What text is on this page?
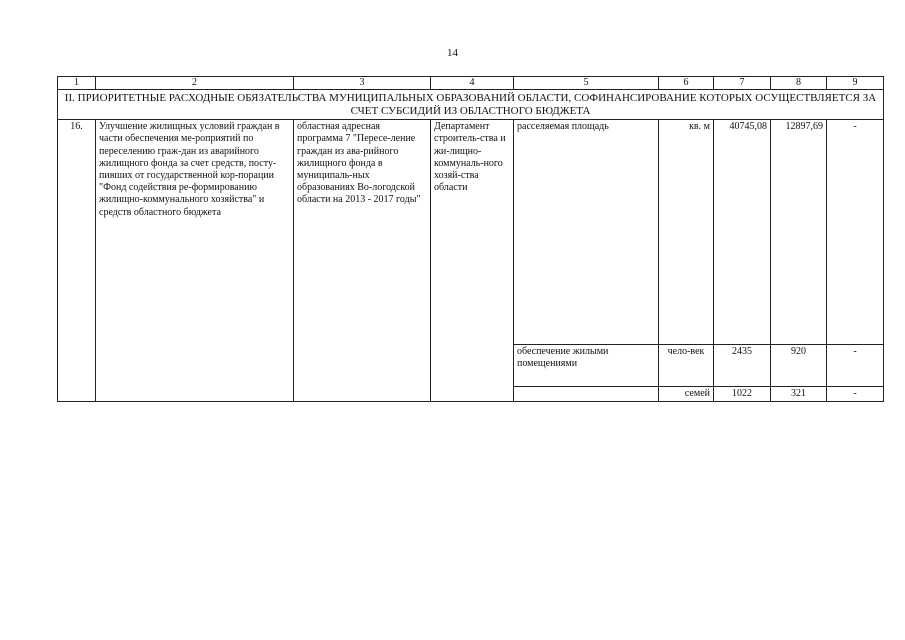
14
1	2	3	4	5	6	7	8	9
II. ПРИОРИТЕТНЫЕ РАСХОДНЫЕ ОБЯЗАТЕЛЬСТВА МУНИЦИПАЛЬНЫХ ОБРАЗОВАНИЙ ОБЛАСТИ, СОФИНАНСИРОВАНИЕ КОТОРЫХ ОСУЩЕСТВЛЯЕТСЯ ЗА СЧЕТ СУБСИДИЙ ИЗ ОБЛАСТНОГО БЮДЖЕТА								
16.	Улучшение жилищных условий граждан в части обеспечения ме-роприятий по переселению граж-дан из аварийного жилищного фонда за счет средств, посту-пивших от государственной кор-порации "Фонд содействия ре-формированию жилищно-коммунального хозяйства" и средств областного бюджета	областная адресная программа 7 "Пересе-ление граждан из ава-рийного жилищного фонда в муниципаль-ных образованиях Во-логодской области на 2013 - 2017 годы"	Департамент строитель-ства и жи-лищно-коммуналь-ного хозяй-ства области	расселяемая площадь	кв. м	40745,08	12897,69	-
				обеспечение жилыми помещениями	чело-век	2435	920	-
					семей	1022	321	-
